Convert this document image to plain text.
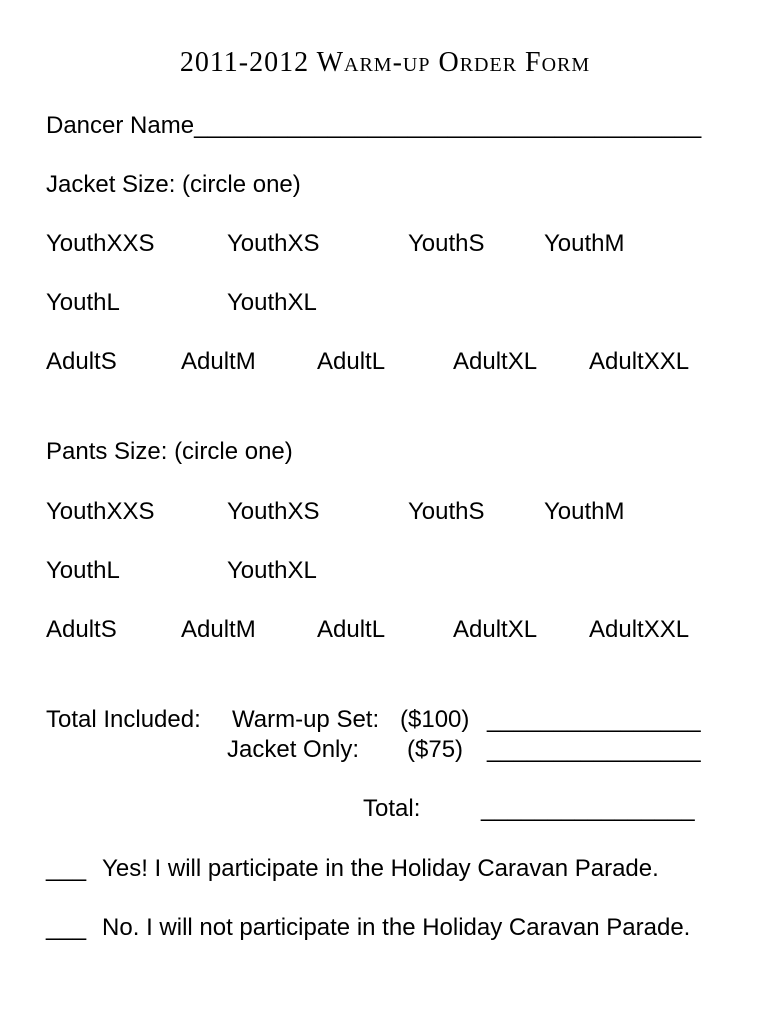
2011-2012 Warm-up Order Form
Dancer Name______________________________________
Jacket Size: (circle one)
YouthXXS	YouthXS	YouthS YouthM
YouthL	YouthXL
AdultS	AdultM	AdultL	AdultXL AdultXXL
Pants Size: (circle one)
YouthXXS	YouthXS	YouthS YouthM
YouthL	YouthXL
AdultS	AdultM	AdultL	AdultXL AdultXXL
Total Included: Warm-up Set: ($100) ________________
Jacket Only: ($75) ________________
Total:	________________
___ Yes! I will participate in the Holiday Caravan Parade.
___ No. I will not participate in the Holiday Caravan Parade.
